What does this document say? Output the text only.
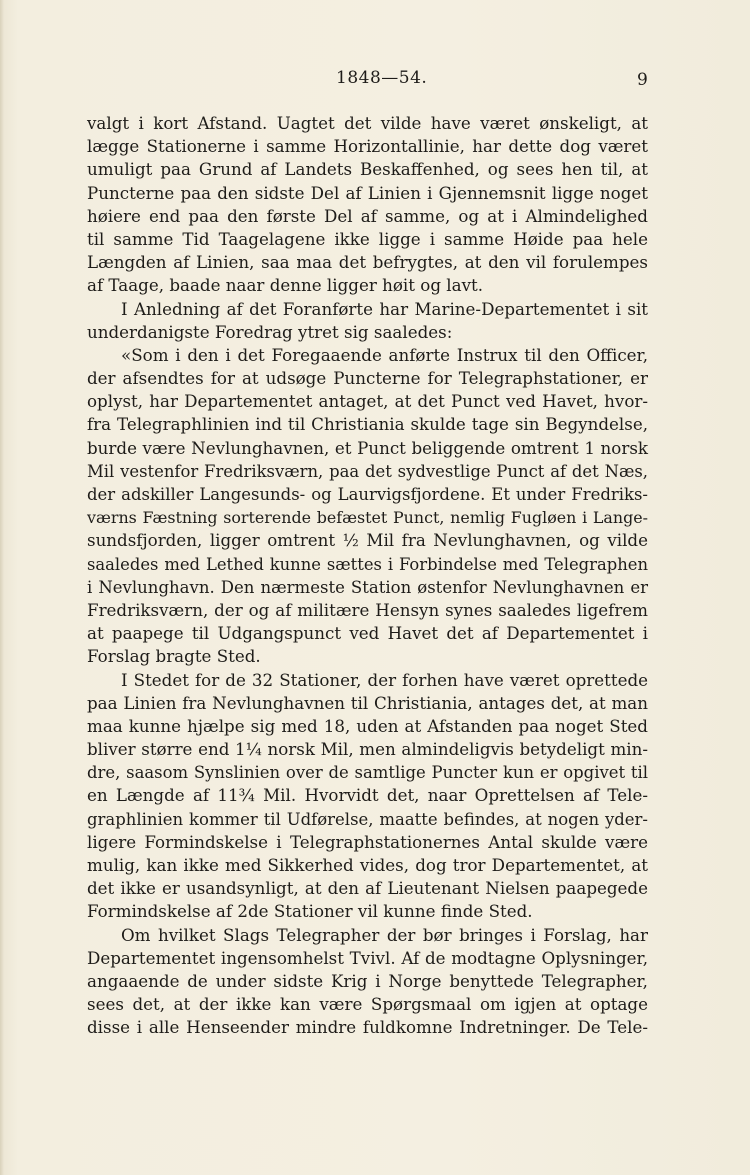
1848—54.	9
valgt i kort Afstand. Uagtet det vilde have været ønskeligt, at
lægge Stationerne i samme Horizontallinie, har dette dog været
umuligt paa Grund af Landets Beskaffenhed, og sees hen til, at
Puncterne paa den sidste Del af Linien i Gjennemsnit ligge noget
høiere end paa den første Del af samme, og at i Almindelighed
til samme Tid Taagelagene ikke ligge i samme Høide paa hele
Længden af Linien, saa maa det befrygtes, at den vil forulempes
af Taage, baade naar denne ligger høit og lavt.
I Anledning af det Foranførte har Marine-Departementet i sit
underdanigste Foredrag ytret sig saaledes:
«Som i den i det Foregaaende anførte Instrux til den Officer,
der afsendtes for at udsøge Puncterne for Telegraphstationer, er
oplyst, har Departementet antaget, at det Punct ved Havet, hvor-
fra Telegraphlinien ind til Christiania skulde tage sin Begyndelse,
burde være Nevlunghavnen, et Punct beliggende omtrent 1 norsk
Mil vestenfor Fredriksværn, paa det sydvestlige Punct af det Næs,
der adskiller Langesunds- og Laurvigsfjordene. Et under Fredriks-
værns Fæstning sorterende befæstet Punct, nemlig Fugløen i Lange-
sundsfjorden, ligger omtrent ½ Mil fra Nevlunghavnen, og vilde
saaledes med Lethed kunne sættes i Forbindelse med Telegraphen
i Nevlunghavn. Den nærmeste Station østenfor Nevlunghavnen er
Fredriksværn, der og af militære Hensyn synes saaledes ligefrem
at paapege til Udgangspunct ved Havet det af Departementet i
Forslag bragte Sted.
I Stedet for de 32 Stationer, der forhen have været oprettede
paa Linien fra Nevlunghavnen til Christiania, antages det, at man
maa kunne hjælpe sig med 18, uden at Afstanden paa noget Sted
bliver større end 1¼ norsk Mil, men almindeligvis betydeligt min-
dre, saasom Synslinien over de samtlige Puncter kun er opgivet til
en Længde af 11¾ Mil. Hvorvidt det, naar Oprettelsen af Tele-
graphlinien kommer til Udførelse, maatte befindes, at nogen yder-
ligere Formindskelse i Telegraphstationernes Antal skulde være
mulig, kan ikke med Sikkerhed vides, dog tror Departementet, at
det ikke er usandsynligt, at den af Lieutenant Nielsen paapegede
Formindskelse af 2de Stationer vil kunne finde Sted.
Om hvilket Slags Telegrapher der bør bringes i Forslag, har
Departementet ingensomhelst Tvivl. Af de modtagne Oplysninger,
angaaende de under sidste Krig i Norge benyttede Telegrapher,
sees det, at der ikke kan være Spørgsmaal om igjen at optage
disse i alle Henseender mindre fuldkomne Indretninger. De Tele-
